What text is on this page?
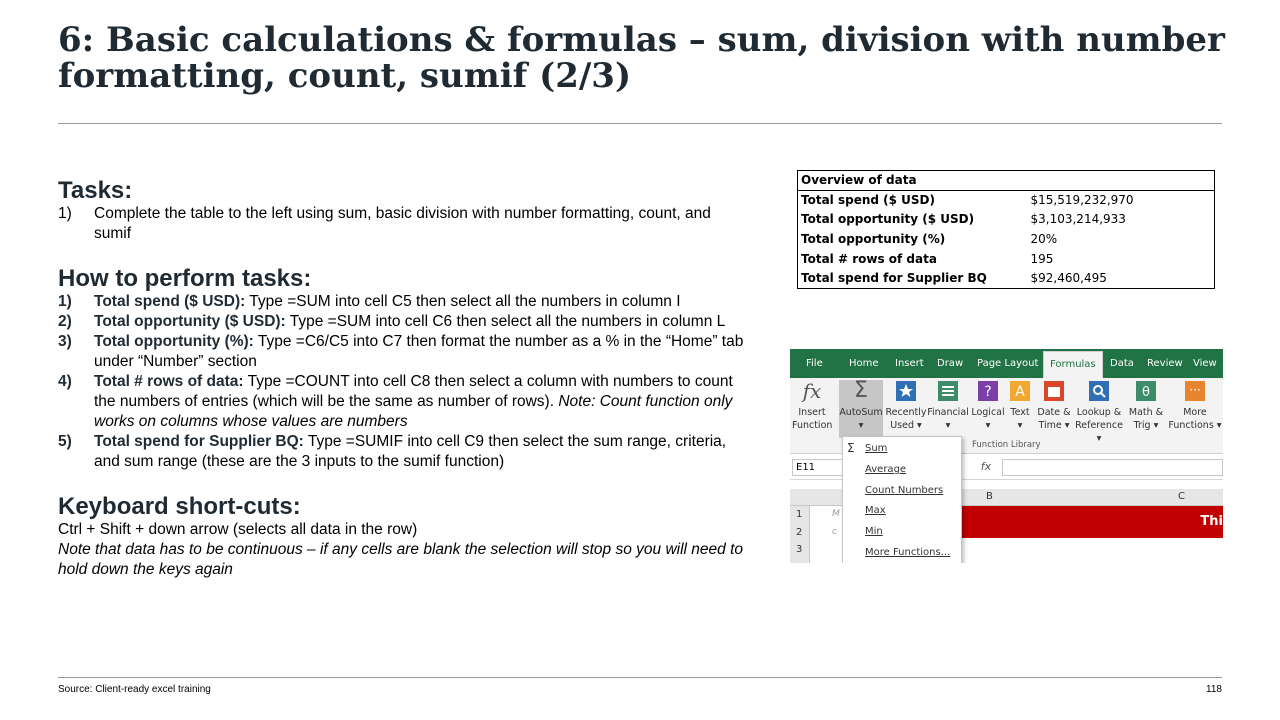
6: Basic calculations & formulas – sum, division with number formatting, count, sumif (2/3)
Tasks:
1) Complete the table to the left using sum, basic division with number formatting, count, and sumif
How to perform tasks:
1) Total spend ($ USD): Type =SUM into cell C5 then select all the numbers in column I
2) Total opportunity ($ USD): Type =SUM into cell C6 then select all the numbers in column L
3) Total opportunity (%): Type =C6/C5 into C7 then format the number as a % in the “Home” tab under “Number” section
4) Total # rows of data: Type =COUNT into cell C8 then select a column with numbers to count the numbers of entries (which will be the same as number of rows). Note: Count function only works on columns whose values are numbers
5) Total spend for Supplier BQ: Type =SUMIF into cell C9 then select the sum range, criteria, and sum range (these are the 3 inputs to the sumif function)
Keyboard short-cuts:
Ctrl + Shift + down arrow (selects all data in the row)
Note that data has to be continuous – if any cells are blank the selection will stop so you will need to hold down the keys again
Overview of data	
Total spend ($ USD)	$15,519,232,970
Total opportunity ($ USD)	$3,103,214,933
Total opportunity (%)	20%
Total # rows of data	195
Total spend for Supplier BQ	$92,460,495
File	Home Insert Draw Page Layout	Formulas	Data Review View
fx
Insert
Function
Σ
AutoSum
▾
Recently
Used ▾
Financial
▾
?
Logical
▾
A
Text
▾
Date &
Time ▾
Lookup &
Reference ▾
θ
Math &
Trig ▾
···
More
Functions ▾
Function Library
E11	fx
B	C
1
2
3
M
c
Thi
Σ Sum
Average
Count Numbers
Max
Min
More Functions...
Source: Client-ready excel training	118
